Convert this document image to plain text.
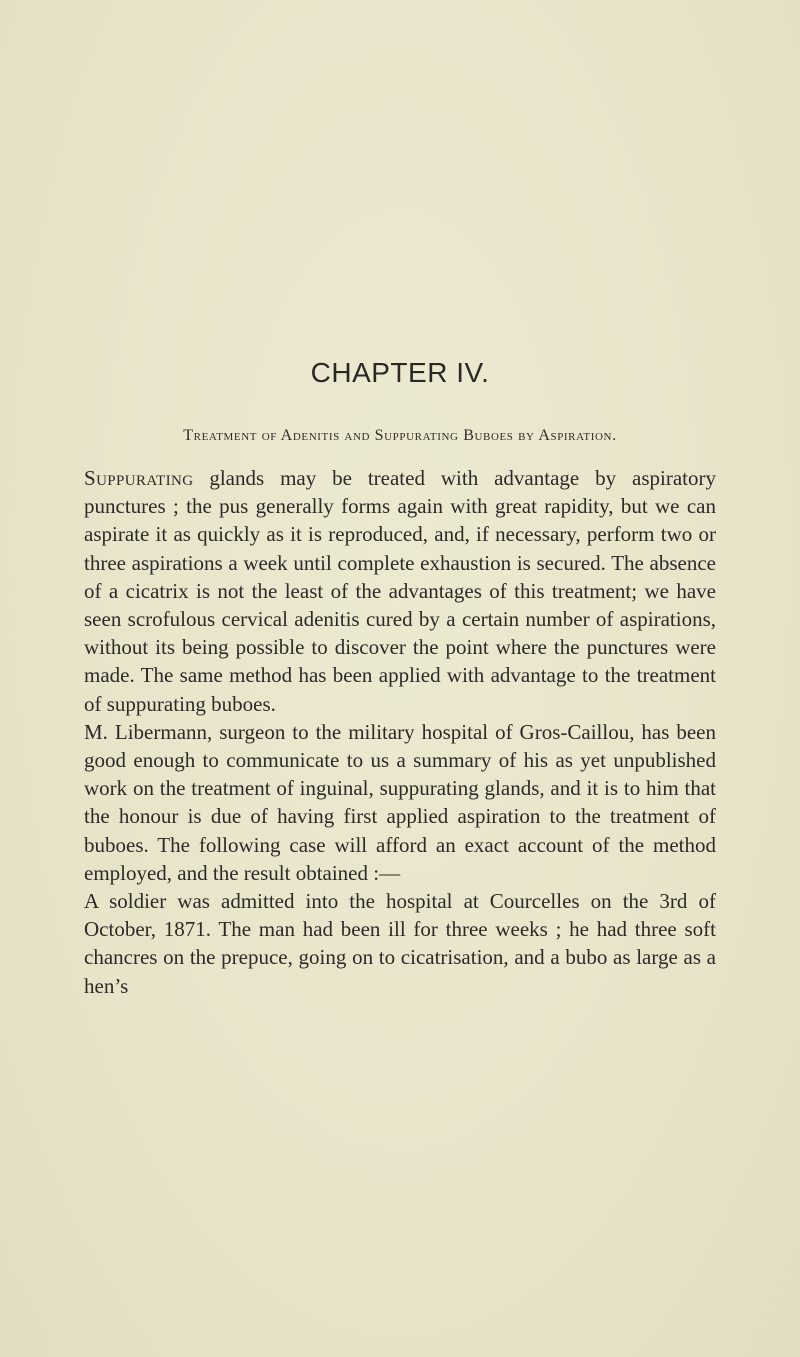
CHAPTER IV.
Treatment of Adenitis and Suppurating Buboes by Aspiration.

Suppurating glands may be treated with advantage by aspiratory punctures ; the pus generally forms again with great rapidity, but we can aspirate it as quickly as it is reproduced, and, if necessary, perform two or three aspirations a week until complete exhaustion is secured. The absence of a cicatrix is not the least of the advantages of this treatment; we have seen scrofulous cervical adenitis cured by a certain number of aspirations, without its being possible to discover the point where the punctures were made. The same method has been applied with advantage to the treatment of suppurating buboes.

M. Libermann, surgeon to the military hospital of Gros-Caillou, has been good enough to communicate to us a summary of his as yet unpublished work on the treatment of inguinal, suppurating glands, and it is to him that the honour is due of having first applied aspiration to the treatment of buboes. The following case will afford an exact account of the method employed, and the result obtained :—

A soldier was admitted into the hospital at Courcelles on the 3rd of October, 1871. The man had been ill for three weeks ; he had three soft chancres on the prepuce, going on to cicatrisation, and a bubo as large as a hen’s
